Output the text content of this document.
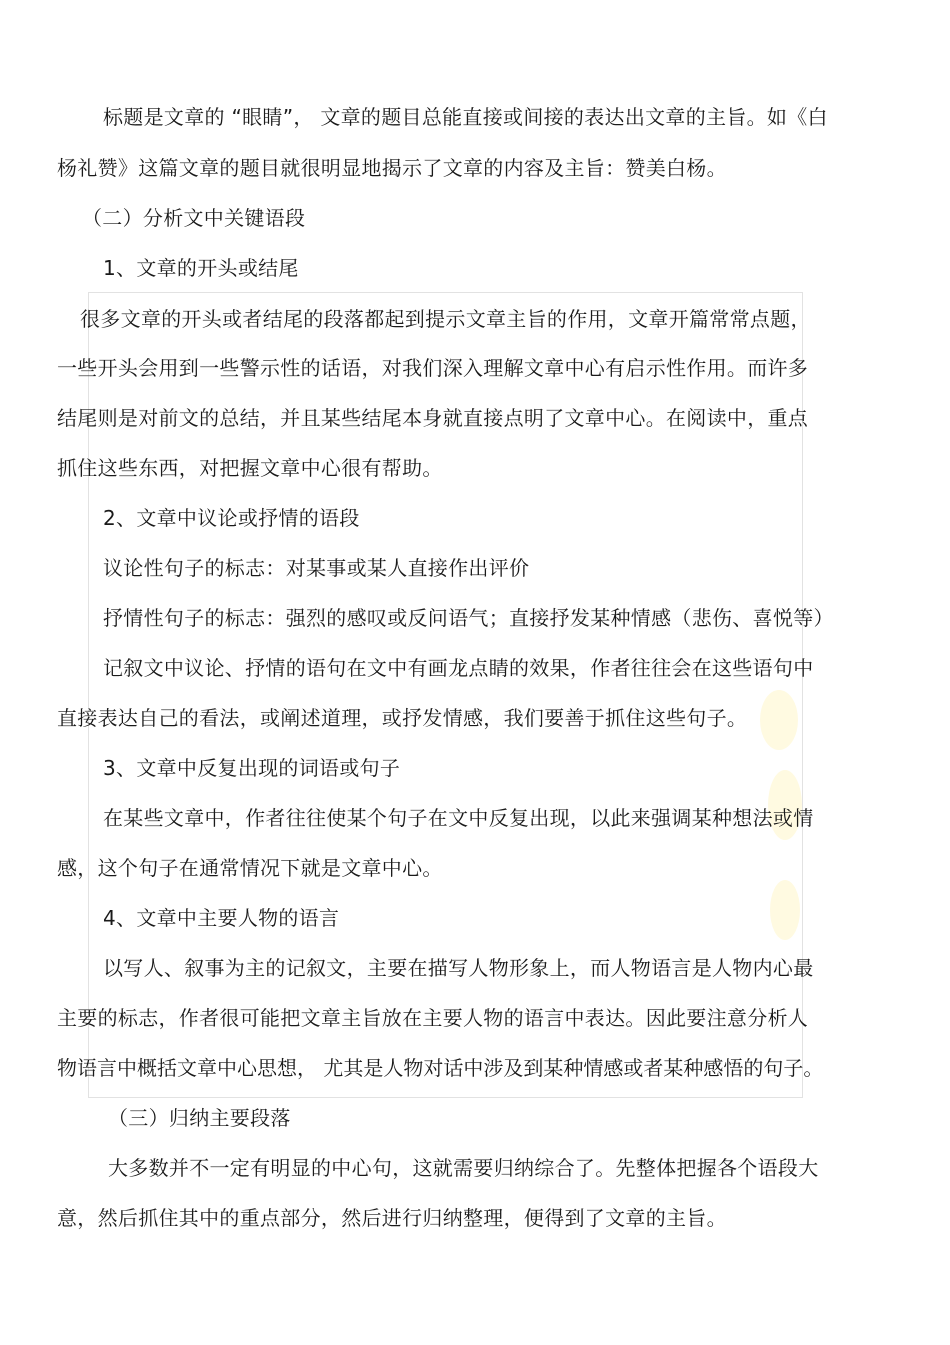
标题是文章的 “眼睛”， 文章的题目总能直接或间接的表达出文章的主旨。如《白
杨礼赞》这篇文章的题目就很明显地揭示了文章的内容及主旨：赞美白杨。
（二）分析文中关键语段
1、文章的开头或结尾
很多文章的开头或者结尾的段落都起到提示文章主旨的作用，文章开篇常常点题，
一些开头会用到一些警示性的话语，对我们深入理解文章中心有启示性作用。而许多
结尾则是对前文的总结，并且某些结尾本身就直接点明了文章中心。在阅读中，重点
抓住这些东西，对把握文章中心很有帮助。
2、文章中议论或抒情的语段
议论性句子的标志：对某事或某人直接作出评价
抒情性句子的标志：强烈的感叹或反问语气；直接抒发某种情感（悲伤、喜悦等）
记叙文中议论、抒情的语句在文中有画龙点睛的效果，作者往往会在这些语句中
直接表达自己的看法，或阐述道理，或抒发情感，我们要善于抓住这些句子。
3、文章中反复出现的词语或句子
在某些文章中，作者往往使某个句子在文中反复出现，以此来强调某种想法或情
感，这个句子在通常情况下就是文章中心。
4、文章中主要人物的语言
以写人、叙事为主的记叙文，主要在描写人物形象上，而人物语言是人物内心最
主要的标志，作者很可能把文章主旨放在主要人物的语言中表达。因此要注意分析人
物语言中概括文章中心思想， 尤其是人物对话中涉及到某种情感或者某种感悟的句子。
（三）归纳主要段落
大多数并不一定有明显的中心句，这就需要归纳综合了。先整体把握各个语段大
意，然后抓住其中的重点部分，然后进行归纳整理，便得到了文章的主旨。
